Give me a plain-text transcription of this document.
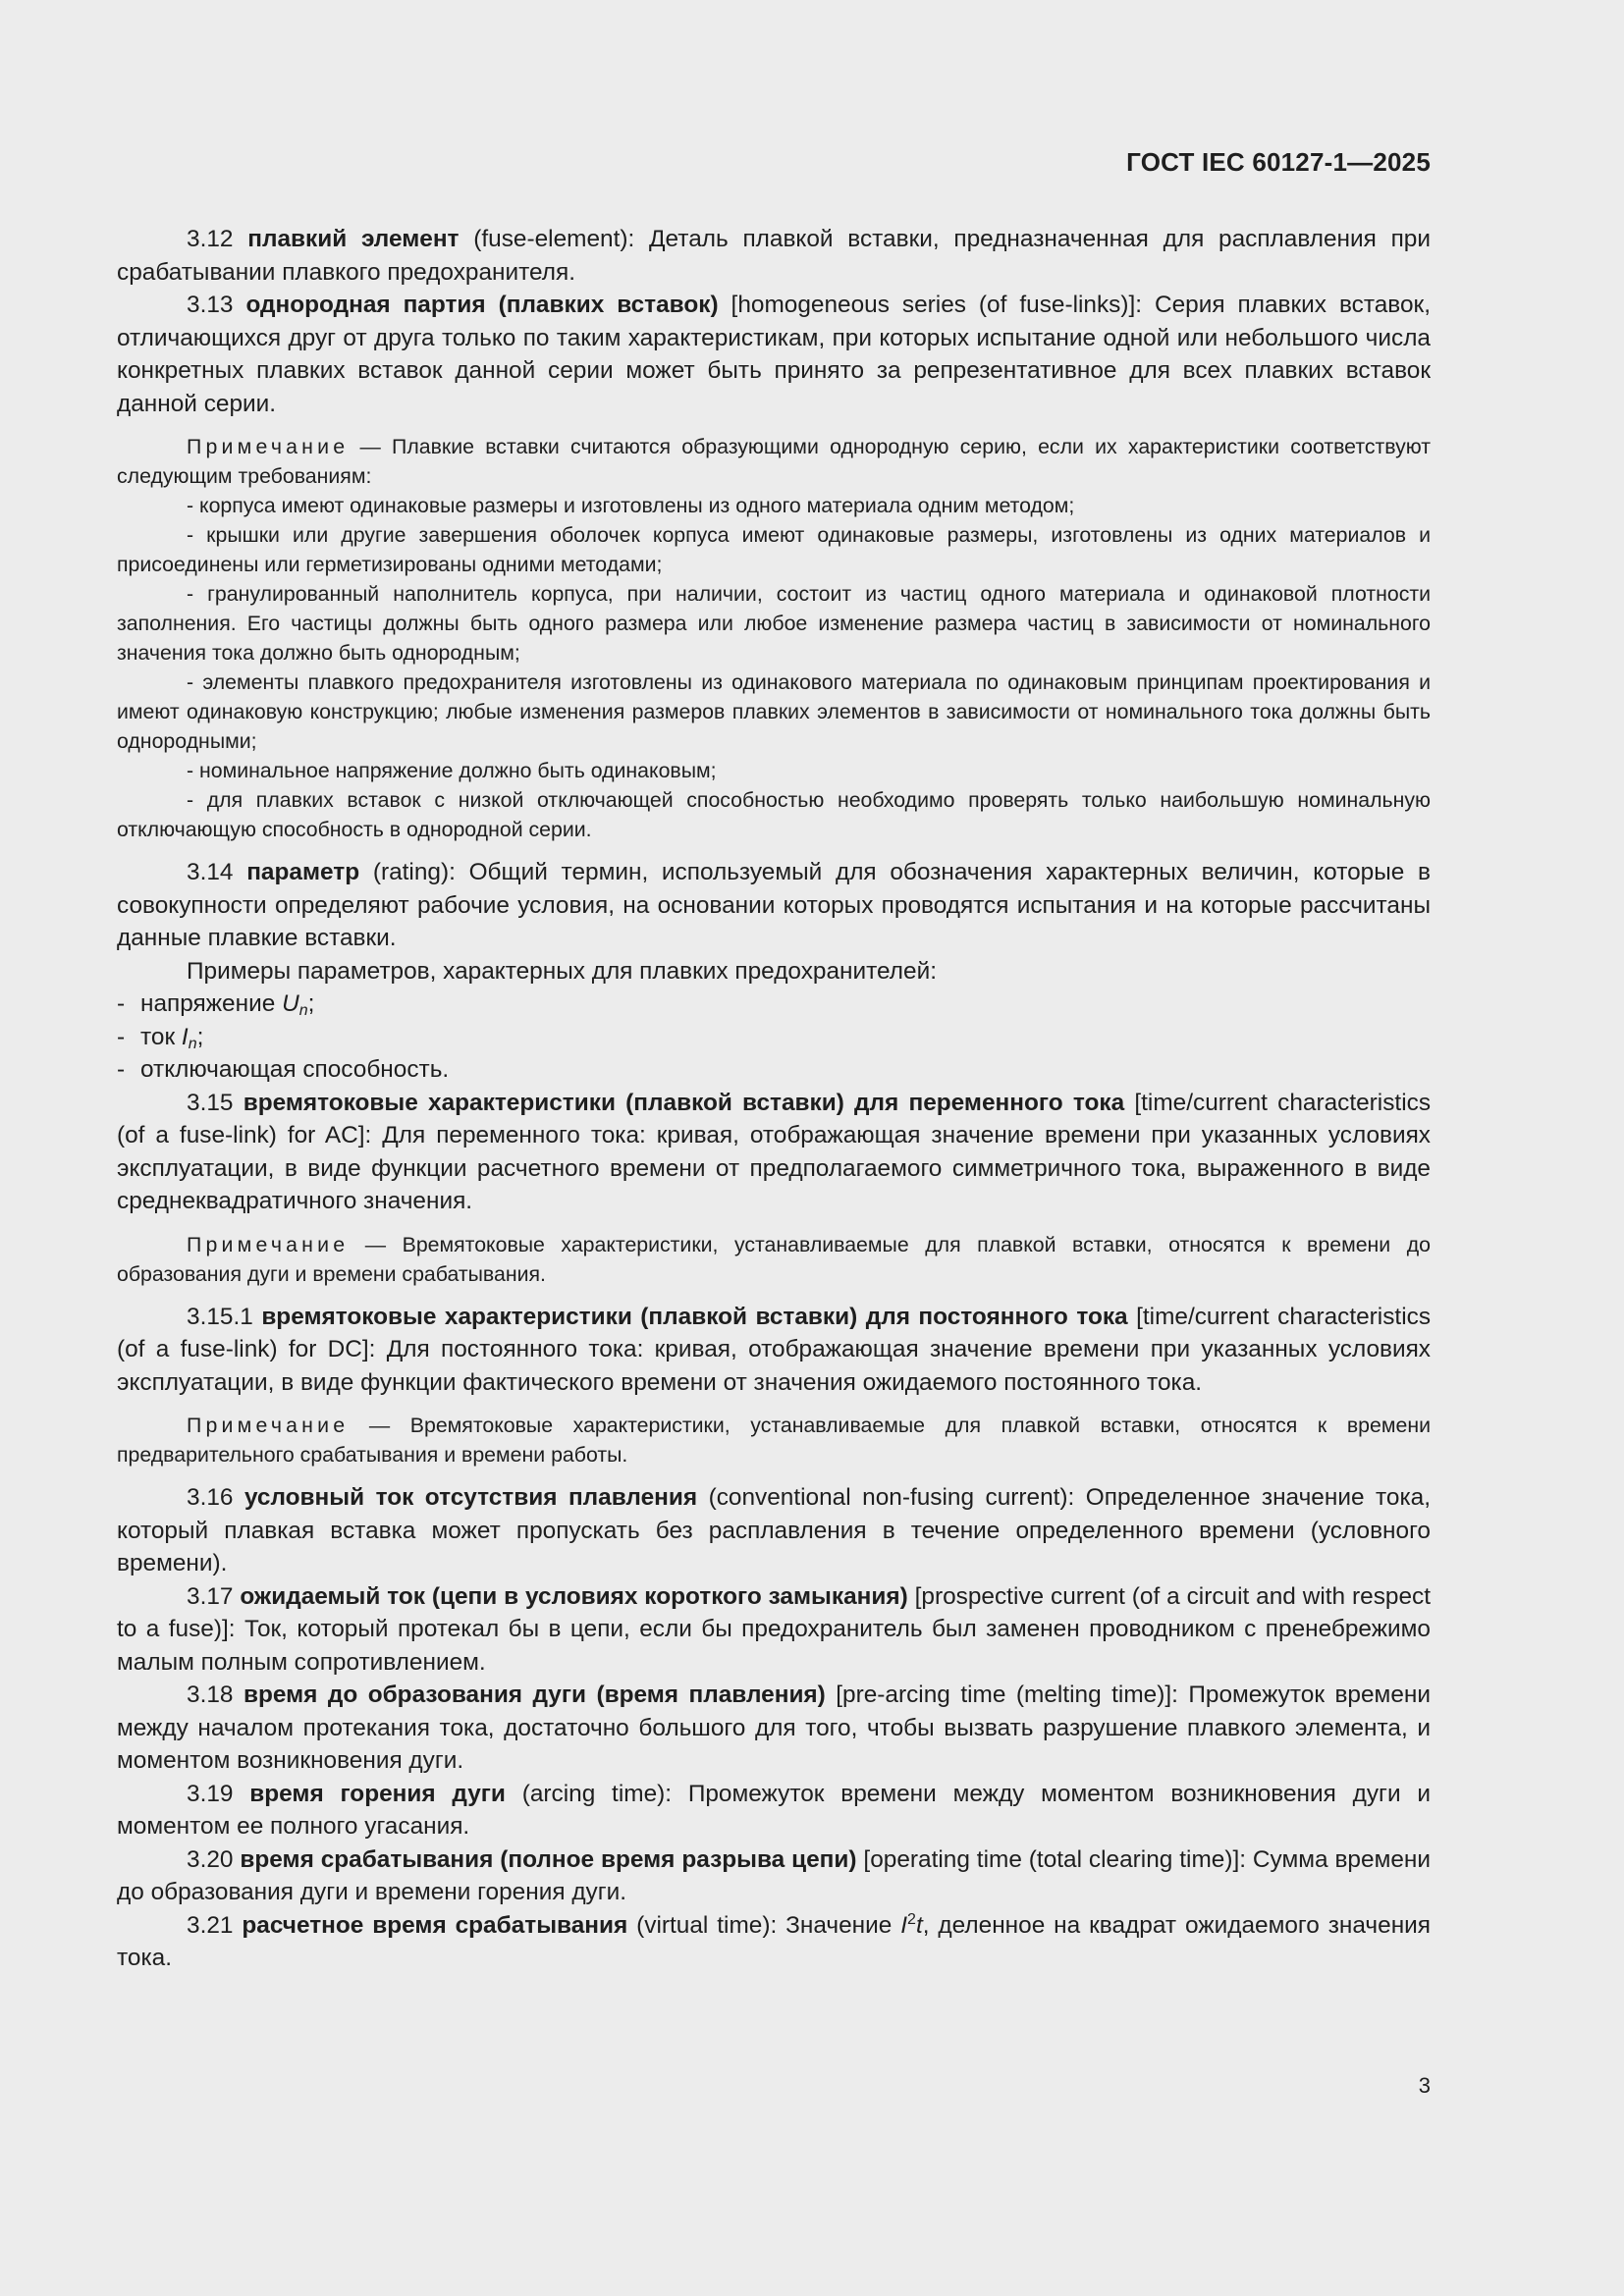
ГОСТ IEC 60127-1—2025

3.12 плавкий элемент (fuse-element): Деталь плавкой вставки, предназначенная для расплавления при срабатывании плавкого предохранителя.

3.13 однородная партия (плавких вставок) [homogeneous series (of fuse-links)]: Серия плавких вставок, отличающихся друг от друга только по таким характеристикам, при которых испытание одной или небольшого числа конкретных плавких вставок данной серии может быть принято за репрезентативное для всех плавких вставок данной серии.

Примечание — Плавкие вставки считаются образующими однородную серию, если их характеристики соответствуют следующим требованиям:

- корпуса имеют одинаковые размеры и изготовлены из одного материала одним методом;

- крышки или другие завершения оболочек корпуса имеют одинаковые размеры, изготовлены из одних материалов и присоединены или герметизированы одними методами;

- гранулированный наполнитель корпуса, при наличии, состоит из частиц одного материала и одинаковой плотности заполнения. Его частицы должны быть одного размера или любое изменение размера частиц в зависимости от номинального значения тока должно быть однородным;

- элементы плавкого предохранителя изготовлены из одинакового материала по одинаковым принципам проектирования и имеют одинаковую конструкцию; любые изменения размеров плавких элементов в зависимости от номинального тока должны быть однородными;

- номинальное напряжение должно быть одинаковым;

- для плавких вставок с низкой отключающей способностью необходимо проверять только наибольшую номинальную отключающую способность в однородной серии.

3.14 параметр (rating): Общий термин, используемый для обозначения характерных величин, которые в совокупности определяют рабочие условия, на основании которых проводятся испытания и на которые рассчитаны данные плавкие вставки.

Примеры параметров, характерных для плавких предохранителей:

- напряжение $U_n$;

- ток $I_n$;

- отключающая способность.

3.15 времятоковые характеристики (плавкой вставки) для переменного тока [time/current characteristics (of a fuse-link) for AC]: Для переменного тока: кривая, отображающая значение времени при указанных условиях эксплуатации, в виде функции расчетного времени от предполагаемого симметричного тока, выраженного в виде среднеквадратичного значения.

Примечание — Времятоковые характеристики, устанавливаемые для плавкой вставки, относятся к времени до образования дуги и времени срабатывания.

3.15.1 времятоковые характеристики (плавкой вставки) для постоянного тока [time/current characteristics (of a fuse-link) for DC]: Для постоянного тока: кривая, отображающая значение времени при указанных условиях эксплуатации, в виде функции фактического времени от значения ожидаемого постоянного тока.

Примечание — Времятоковые характеристики, устанавливаемые для плавкой вставки, относятся к времени предварительного срабатывания и времени работы.

3.16 условный ток отсутствия плавления (conventional non-fusing current): Определенное значение тока, который плавкая вставка может пропускать без расплавления в течение определенного времени (условного времени).

3.17 ожидаемый ток (цепи в условиях короткого замыкания) [prospective current (of a circuit and with respect to a fuse)]: Ток, который протекал бы в цепи, если бы предохранитель был заменен проводником с пренебрежимо малым полным сопротивлением.

3.18 время до образования дуги (время плавления) [pre-arcing time (melting time)]: Промежуток времени между началом протекания тока, достаточно большого для того, чтобы вызвать разрушение плавкого элемента, и моментом возникновения дуги.

3.19 время горения дуги (arcing time): Промежуток времени между моментом возникновения дуги и моментом ее полного угасания.

3.20 время срабатывания (полное время разрыва цепи) [operating time (total clearing time)]: Сумма времени до образования дуги и времени горения дуги.

3.21 расчетное время срабатывания (virtual time): Значение $I^2t$, деленное на квадрат ожидаемого значения тока.

3
